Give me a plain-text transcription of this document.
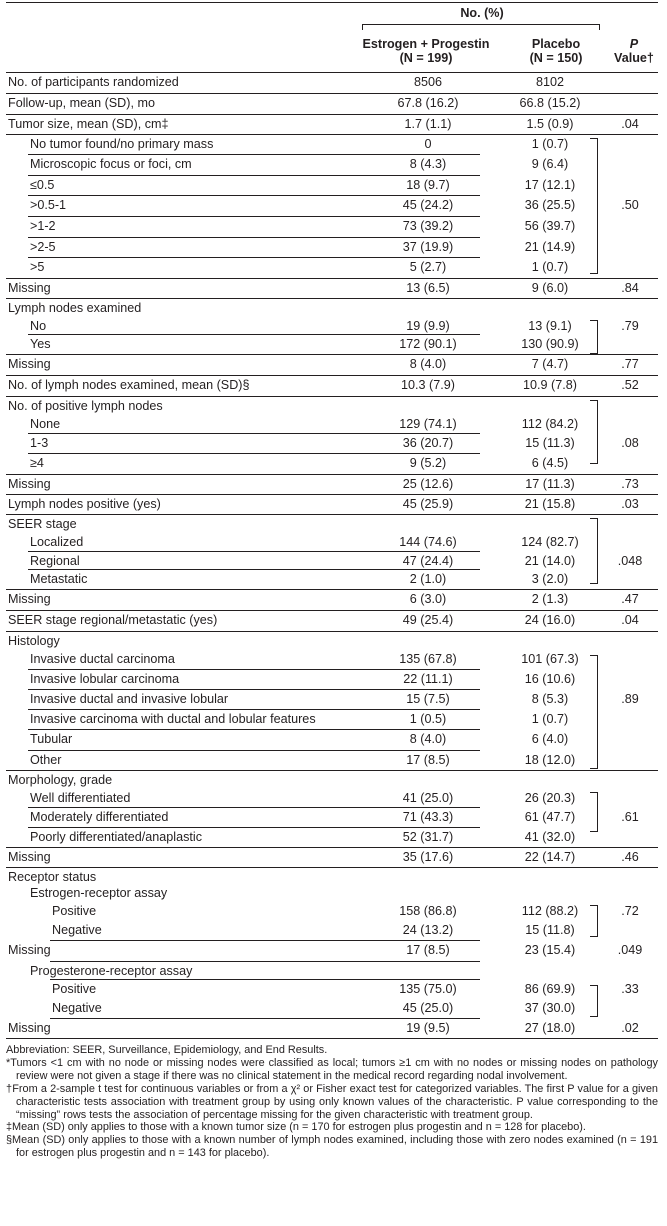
No. (%)
Estrogen + Progestin
(N = 199)
Placebo
(N = 150)
P
Value†
No. of participants randomized	8506	8102
Follow-up, mean (SD), mo	67.8 (16.2)	66.8 (15.2)
Tumor size, mean (SD), cm‡	1.7 (1.1)	1.5 (0.9)	.04
No tumor found/no primary mass	0	1 (0.7)
Microscopic focus or foci, cm	8 (4.3)	9 (6.4)
≤0.5	18 (9.7)	17 (12.1)
>0.5-1	45 (24.2)	36 (25.5)	.50
>1-2	73 (39.2)	56 (39.7)
>2-5	37 (19.9)	21 (14.9)
>5	5 (2.7)	1 (0.7)
Missing	13 (6.5)	9 (6.0)	.84
Lymph nodes examined
No	19 (9.9)	13 (9.1)	.79
Yes	172 (90.1)	130 (90.9)
Missing	8 (4.0)	7 (4.7)	.77
No. of lymph nodes examined, mean (SD)§	10.3 (7.9)	10.9 (7.8)	.52
No. of positive lymph nodes
None	129 (74.1)	112 (84.2)
1-3	36 (20.7)	15 (11.3)	.08
≥4	9 (5.2)	6 (4.5)
Missing	25 (12.6)	17 (11.3)	.73
Lymph nodes positive (yes)	45 (25.9)	21 (15.8)	.03
SEER stage
Localized	144 (74.6)	124 (82.7)
Regional	47 (24.4)	21 (14.0)	.048
Metastatic	2 (1.0)	3 (2.0)
Missing	6 (3.0)	2 (1.3)	.47
SEER stage regional/metastatic (yes)	49 (25.4)	24 (16.0)	.04
Histology
Invasive ductal carcinoma	135 (67.8)	101 (67.3)
Invasive lobular carcinoma	22 (11.1)	16 (10.6)
Invasive ductal and invasive lobular	15 (7.5)	8 (5.3)	.89
Invasive carcinoma with ductal and lobular features	1 (0.5)	1 (0.7)
Tubular	8 (4.0)	6 (4.0)
Other	17 (8.5)	18 (12.0)
Morphology, grade
Well differentiated	41 (25.0)	26 (20.3)
Moderately differentiated	71 (43.3)	61 (47.7)	.61
Poorly differentiated/anaplastic	52 (31.7)	41 (32.0)
Missing	35 (17.6)	22 (14.7)	.46
Receptor status
Estrogen-receptor assay
Positive	158 (86.8)	112 (88.2)	.72
Negative	24 (13.2)	15 (11.8)
Missing	17 (8.5)	23 (15.4)	.049
Progesterone-receptor assay
Positive	135 (75.0)	86 (69.9)	.33
Negative	45 (25.0)	37 (30.0)
Missing	19 (9.5)	27 (18.0)	.02
Abbreviation: SEER, Surveillance, Epidemiology, and End Results.
*Tumors <1 cm with no node or missing nodes were classified as local; tumors ≥1 cm with no nodes or missing nodes on pathology review were not given a stage if there was no clinical statement in the medical record regarding nodal involvement.
†From a 2-sample t test for continuous variables or from a χ² or Fisher exact test for categorized variables. The first P value for a given characteristic tests association with treatment group by using only known values of the characteristic. P value corresponding to the “missing” rows tests the association of percentage missing for the given characteristic with treatment group.
‡Mean (SD) only applies to those with a known tumor size (n = 170 for estrogen plus progestin and n = 128 for placebo).
§Mean (SD) only applies to those with a known number of lymph nodes examined, including those with zero nodes examined (n = 191 for estrogen plus progestin and n = 143 for placebo).
